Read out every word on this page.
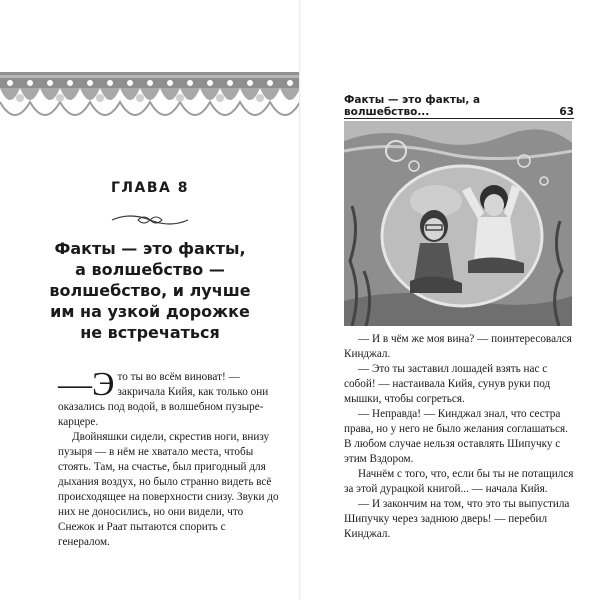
ГЛАВА 8
Факты — это факты,
а волшебство —
волшебство, и лучше
им на узкой дорожке
не встречаться

—Э то ты во всём виноват! — закричала Кийя, как только они оказались под водой, в волшебном пузыре-карцере.

Двойняшки сидели, скрестив ноги, внизу пузыря — в нём не хватало места, чтобы стоять. Там, на счастье, был пригодный для дыхания воздух, но было странно видеть всё происходящее на поверхности снизу. Звуки до них не доносились, но они видели, что Снежок и Раат пытаются спорить с генералом.

Факты — это факты, а волшебство...	63

— И в чём же моя вина? — поинтересовался Кинджал.

— Это ты заставил лошадей взять нас с собой! — настаивала Кийя, сунув руки под мышки, чтобы согреться.

— Неправда! — Кинджал знал, что сестра права, но у него не было желания соглашаться. В любом случае нельзя оставлять Шипучку с этим Вздором.

Начнём с того, что, если бы ты не потащился за этой дурацкой книгой... — начала Кийя.

— И закончим на том, что это ты выпустила Шипучку через заднюю дверь! — перебил Кинджал.
